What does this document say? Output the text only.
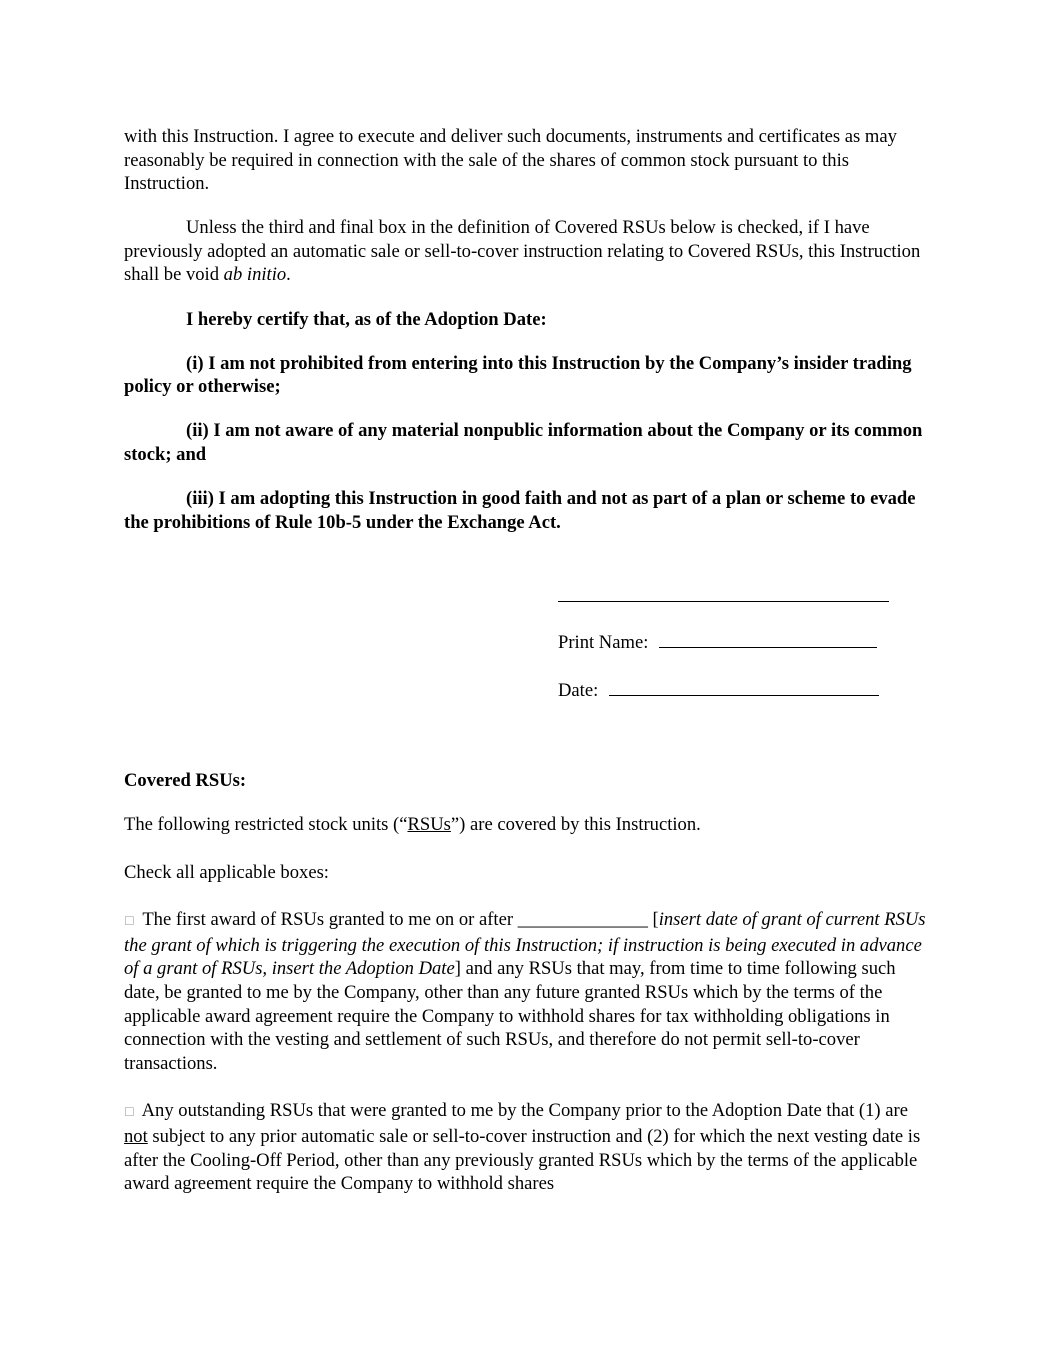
with this Instruction. I agree to execute and deliver such documents, instruments and certificates as may reasonably be required in connection with the sale of the shares of common stock pursuant to this Instruction.

Unless the third and final box in the definition of Covered RSUs below is checked, if I have previously adopted an automatic sale or sell-to-cover instruction relating to Covered RSUs, this Instruction shall be void ab initio.

I hereby certify that, as of the Adoption Date:

(i) I am not prohibited from entering into this Instruction by the Company’s insider trading policy or otherwise;

(ii) I am not aware of any material nonpublic information about the Company or its common stock; and

(iii) I am adopting this Instruction in good faith and not as part of a plan or scheme to evade the prohibitions of Rule 10b-5 under the Exchange Act.

Print Name:
Date:

Covered RSUs:

The following restricted stock units (“RSUs”) are covered by this Instruction.

Check all applicable boxes:

☐ The first award of RSUs granted to me on or after ______________ [insert date of grant of current RSUs the grant of which is triggering the execution of this Instruction; if instruction is being executed in advance of a grant of RSUs, insert the Adoption Date] and any RSUs that may, from time to time following such date, be granted to me by the Company, other than any future granted RSUs which by the terms of the applicable award agreement require the Company to withhold shares for tax withholding obligations in connection with the vesting and settlement of such RSUs, and therefore do not permit sell-to-cover transactions.

☐ Any outstanding RSUs that were granted to me by the Company prior to the Adoption Date that (1) are not subject to any prior automatic sale or sell-to-cover instruction and (2) for which the next vesting date is after the Cooling-Off Period, other than any previously granted RSUs which by the terms of the applicable award agreement require the Company to withhold shares
